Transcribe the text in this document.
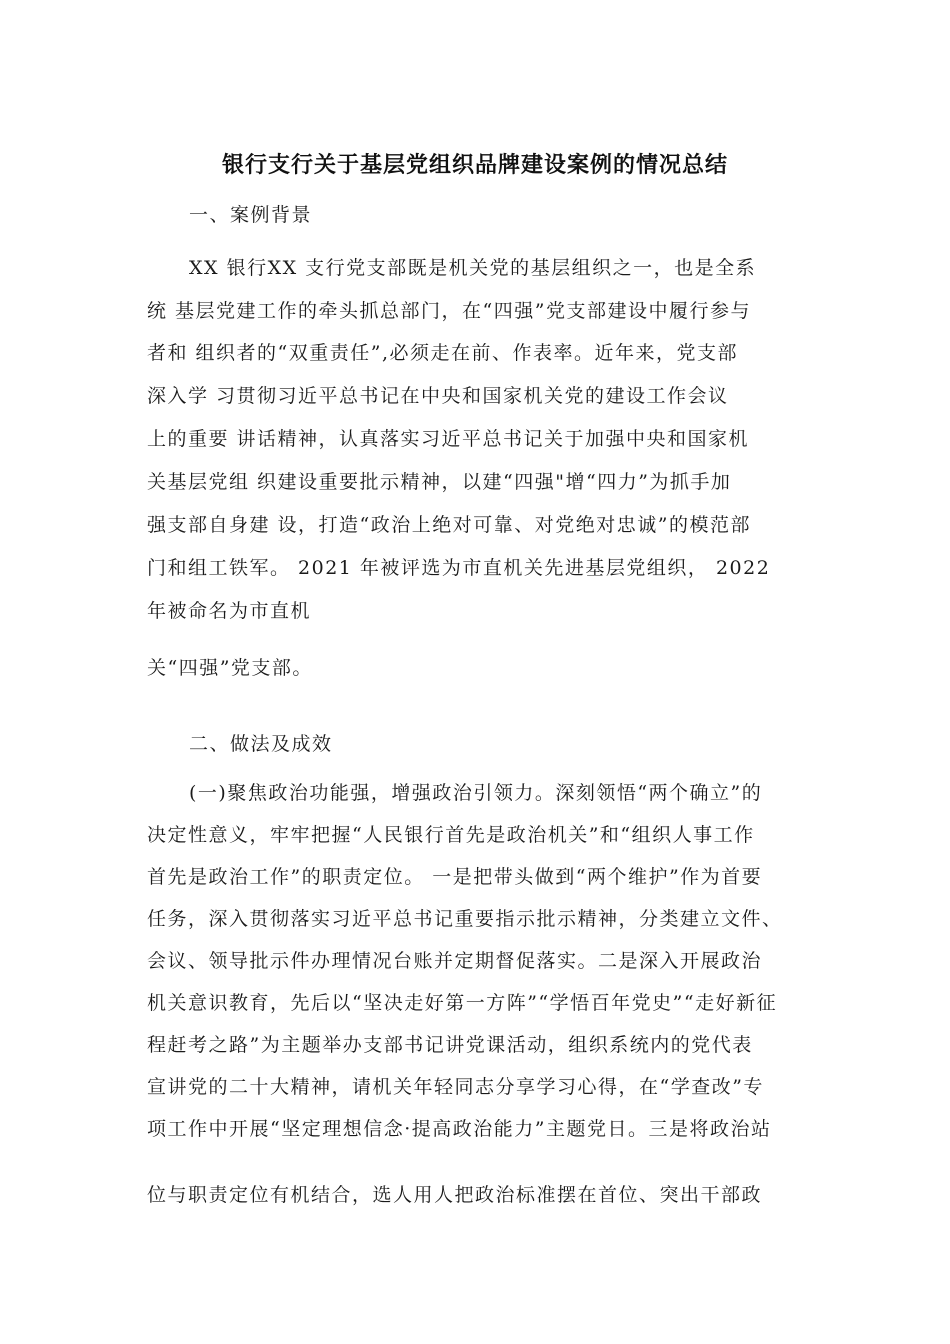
银行支行关于基层党组织品牌建设案例的情况总结
一、案例背景
XX 银行XX 支行党支部既是机关党的基层组织之一，也是全系
统 基层党建工作的牵头抓总部门，在“四强”党支部建设中履行参与
者和 组织者的“双重责任”,必须走在前、作表率。近年来，党支部
深入学 习贯彻习近平总书记在中央和国家机关党的建设工作会议
上的重要 讲话精神，认真落实习近平总书记关于加强中央和国家机
关基层党组 织建设重要批示精神，以建“四强"增“四力”为抓手加
强支部自身建 设，打造“政治上绝对可靠、对党绝对忠诚”的模范部
门和组工铁军。 2021 年被评选为市直机关先进基层党组织， 2022
年被命名为市直机
关“四强”党支部。
二、做法及成效
(一)聚焦政治功能强，增强政治引领力。深刻领悟“两个确立”的
决定性意义，牢牢把握“人民银行首先是政治机关”和“组织人事工作
首先是政治工作”的职责定位。 一是把带头做到“两个维护”作为首要
任务，深入贯彻落实习近平总书记重要指示批示精神，分类建立文件、
会议、领导批示件办理情况台账并定期督促落实。二是深入开展政治
机关意识教育，先后以“坚决走好第一方阵”“学悟百年党史”“走好新征
程赶考之路”为主题举办支部书记讲党课活动，组织系统内的党代表
宣讲党的二十大精神，请机关年轻同志分享学习心得，在“学查改”专
项工作中开展“坚定理想信念·提高政治能力”主题党日。三是将政治站
位与职责定位有机结合，选人用人把政治标准摆在首位、突出干部政
